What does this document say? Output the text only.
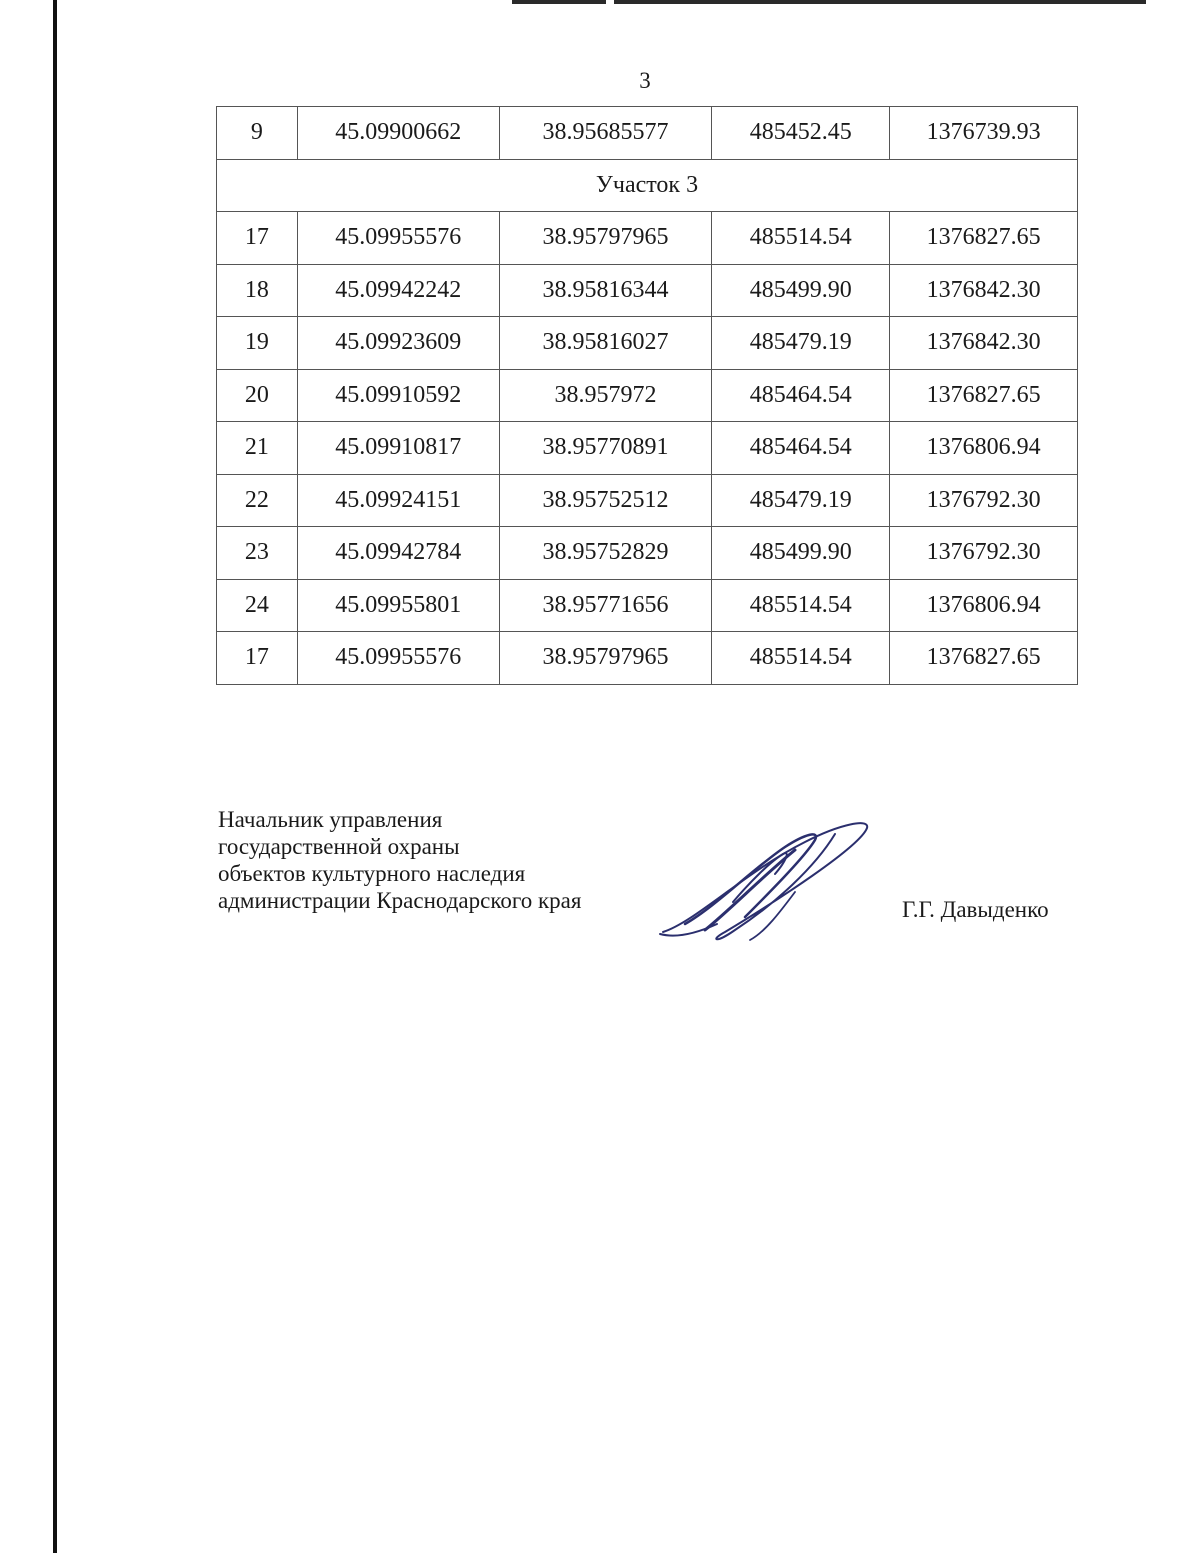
3
9	45.09900662	38.95685577	485452.45	1376739.93
Участок 3				
17	45.09955576	38.95797965	485514.54	1376827.65
18	45.09942242	38.95816344	485499.90	1376842.30
19	45.09923609	38.95816027	485479.19	1376842.30
20	45.09910592	38.957972	485464.54	1376827.65
21	45.09910817	38.95770891	485464.54	1376806.94
22	45.09924151	38.95752512	485479.19	1376792.30
23	45.09942784	38.95752829	485499.90	1376792.30
24	45.09955801	38.95771656	485514.54	1376806.94
17	45.09955576	38.95797965	485514.54	1376827.65
Начальник управления
государственной охраны
объектов культурного наследия
администрации Краснодарского края	Г.Г. Давыденко
